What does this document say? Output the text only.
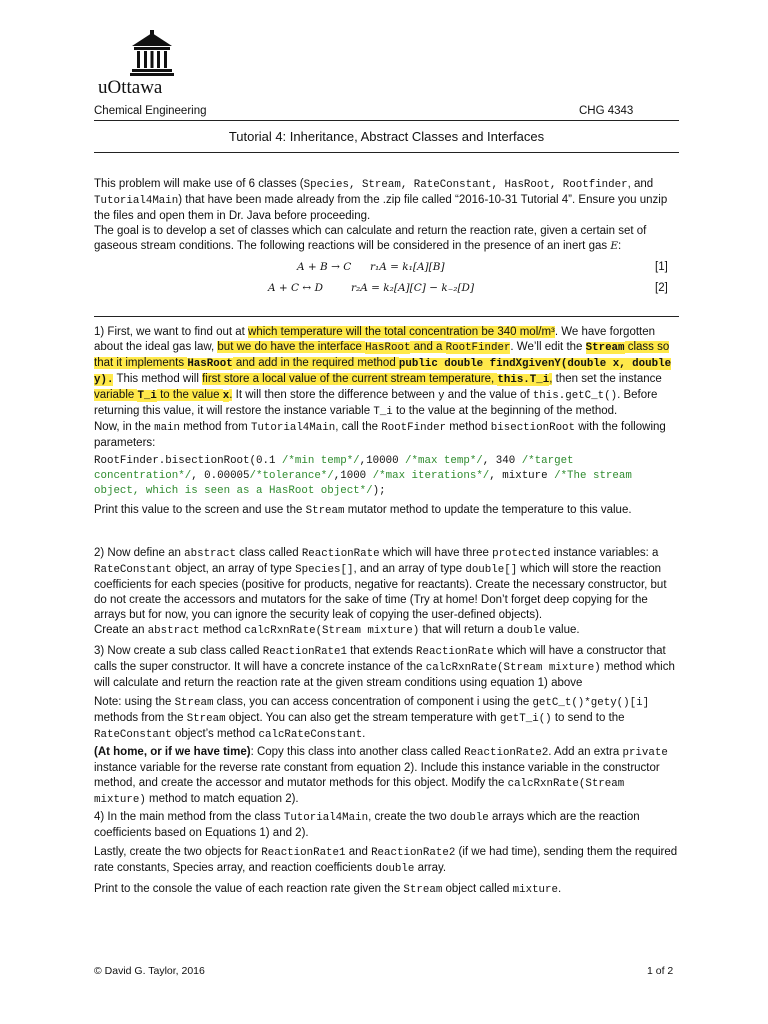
uOttawa
Chemical Engineering	CHG 4343
Tutorial 4: Inheritance, Abstract Classes and Interfaces
This problem will make use of 6 classes (Species, Stream, RateConstant, HasRoot, Rootfinder, and Tutorial4Main) that have been made already from the .zip file called “2016-10-31 Tutorial 4”. Ensure you unzip the files and open them in Dr. Java before proceeding.
The goal is to develop a set of classes which can calculate and return the reaction rate, given a certain set of gaseous stream conditions. The following reactions will be considered in the presence of an inert gas E:
A + B → C r₁A = k₁[A][B]	[1]
A + C ↔ D	r₂A = k₂[A][C] − k₋₂[D]	[2]
1) First, we want to find out at which temperature will the total concentration be 340 mol/m³. We have forgotten about the ideal gas law, but we do have the interface HasRoot and a RootFinder. We’ll edit the Stream class so that it implements HasRoot and add in the required method public double findXgivenY(double x, double y). This method will first store a local value of the current stream temperature, this.T_i, then set the instance variable T_i to the value x. It will then store the difference between y and the value of this.getC_t(). Before returning this value, it will restore the instance variable T_i to the value at the beginning of the method.
Now, in the main method from Tutorial4Main, call the RootFinder method bisectionRoot with the following parameters:
RootFinder.bisectionRoot(0.1 /*min temp*/,10000 /*max temp*/, 340 /*target concentration*/, 0.00005/*tolerance*/,1000 /*max iterations*/, mixture /*The stream object, which is seen as a HasRoot object*/);
Print this value to the screen and use the Stream mutator method to update the temperature to this value.
2) Now define an abstract class called ReactionRate which will have three protected instance variables: a RateConstant object, an array of type Species[], and an array of type double[] which will store the reaction coefficients for each species (positive for products, negative for reactants). Create the necessary constructor, but do not create the accessors and mutators for the sake of time (Try at home! Don’t forget deep copying for the arrays but for now, you can ignore the security leak of copying the user-defined objects).
Create an abstract method calcRxnRate(Stream mixture) that will return a double value.
3) Now create a sub class called ReactionRate1 that extends ReactionRate which will have a constructor that calls the super constructor. It will have a concrete instance of the calcRxnRate(Stream mixture) method which will calculate and return the reaction rate at the given stream conditions using equation 1) above
Note: using the Stream class, you can access concentration of component i using the getC_t()*gety()[i] methods from the Stream object. You can also get the stream temperature with getT_i() to send to the RateConstant object’s method calcRateConstant.
(At home, or if we have time): Copy this class into another class called ReactionRate2. Add an extra private instance variable for the reverse rate constant from equation 2). Include this instance variable in the constructor method, and create the accessor and mutator methods for this object. Modify the calcRxnRate(Stream mixture) method to match equation 2).
4) In the main method from the class Tutorial4Main, create the two double arrays which are the reaction coefficients based on Equations 1) and 2).
Lastly, create the two objects for ReactionRate1 and ReactionRate2 (if we had time), sending them the required rate constants, Species array, and reaction coefficients double array.
Print to the console the value of each reaction rate given the Stream object called mixture.
© David G. Taylor, 2016	1 of 2
